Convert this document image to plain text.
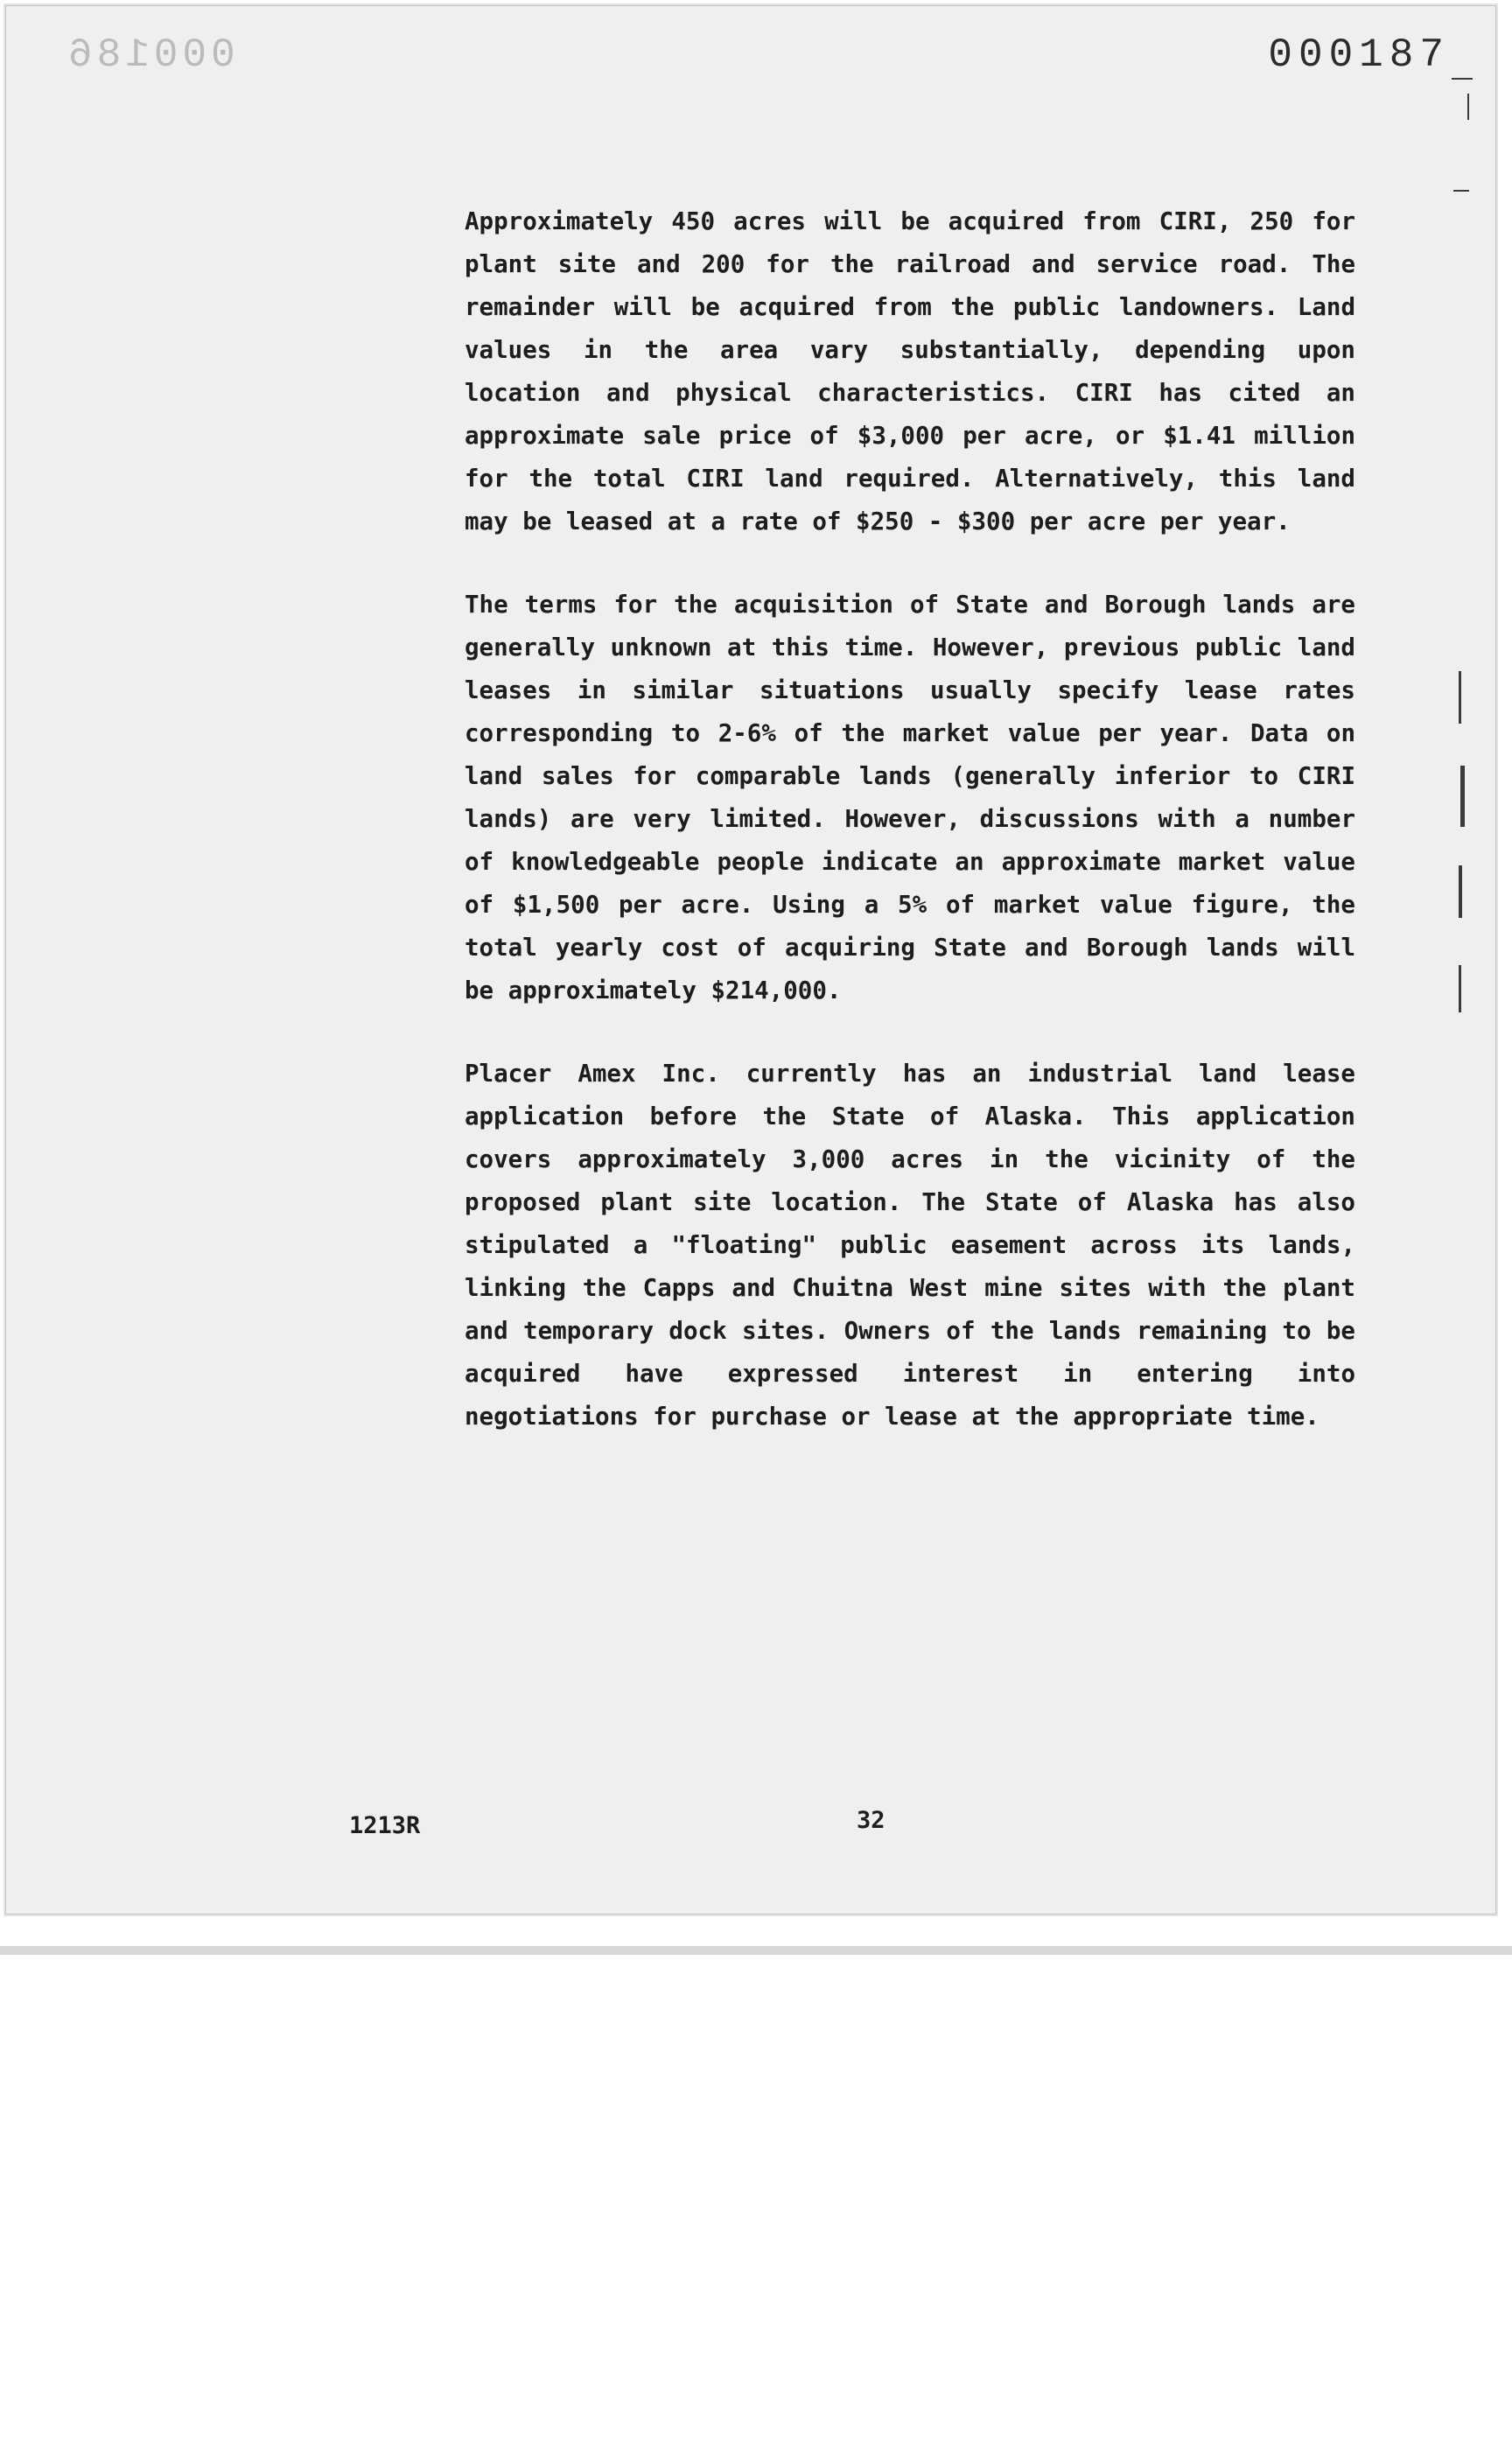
000186	000187

Approximately 450 acres will be acquired from CIRI, 250 for plant site and 200 for the railroad and service road. The remainder will be acquired from the public landowners. Land values in the area vary substantially, depending upon location and physical characteristics. CIRI has cited an approximate sale price of $3,000 per acre, or $1.41 million for the total CIRI land required. Alternatively, this land may be leased at a rate of $250 - $300 per acre per year.

The terms for the acquisition of State and Borough lands are generally unknown at this time. However, previous public land leases in similar situations usually specify lease rates corresponding to 2-6% of the market value per year. Data on land sales for comparable lands (generally inferior to CIRI lands) are very limited. However, discussions with a number of knowledgeable people indicate an approximate market value of $1,500 per acre. Using a 5% of market value figure, the total yearly cost of acquiring State and Borough lands will be approximately $214,000.

Placer Amex Inc. currently has an industrial land lease application before the State of Alaska. This application covers approximately 3,000 acres in the vicinity of the proposed plant site location. The State of Alaska has also stipulated a "floating" public easement across its lands, linking the Capps and Chuitna West mine sites with the plant and temporary dock sites. Owners of the lands remaining to be acquired have expressed interest in entering into negotiations for purchase or lease at the appropriate time.

1213R	32
